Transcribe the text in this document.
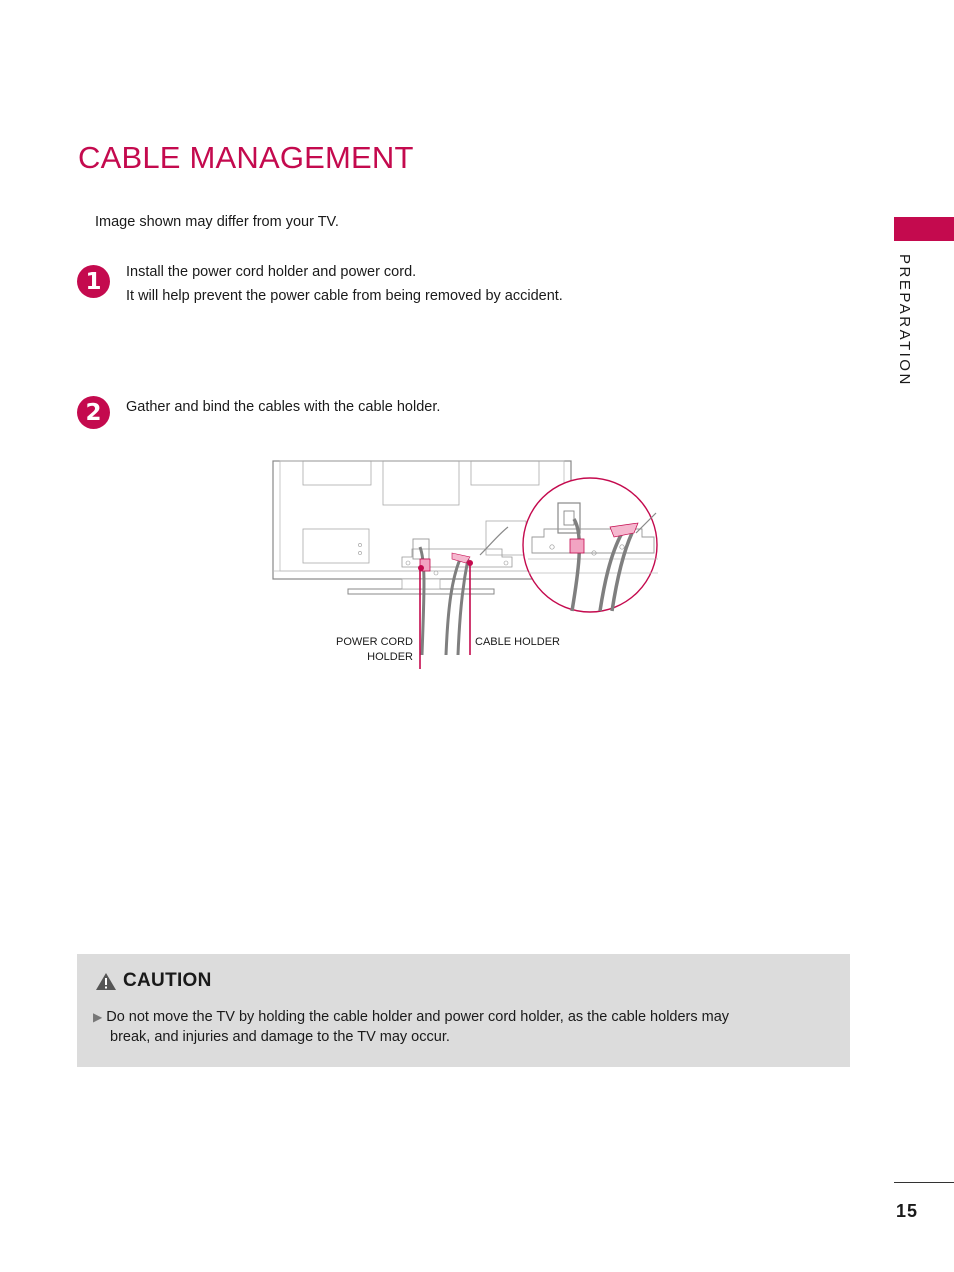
CABLE MANAGEMENT
Image shown may differ from your TV.
1	Install the power cord holder and power cord.
It will help prevent the power cable from being removed by accident.
2	Gather and bind the cables with the cable holder.
PREPARATION
POWER CORD
HOLDER
CABLE HOLDER
CAUTION
▶ Do not move the TV by holding the cable holder and power cord holder, as the cable holders may
break, and injuries and damage to the TV may occur.
15
